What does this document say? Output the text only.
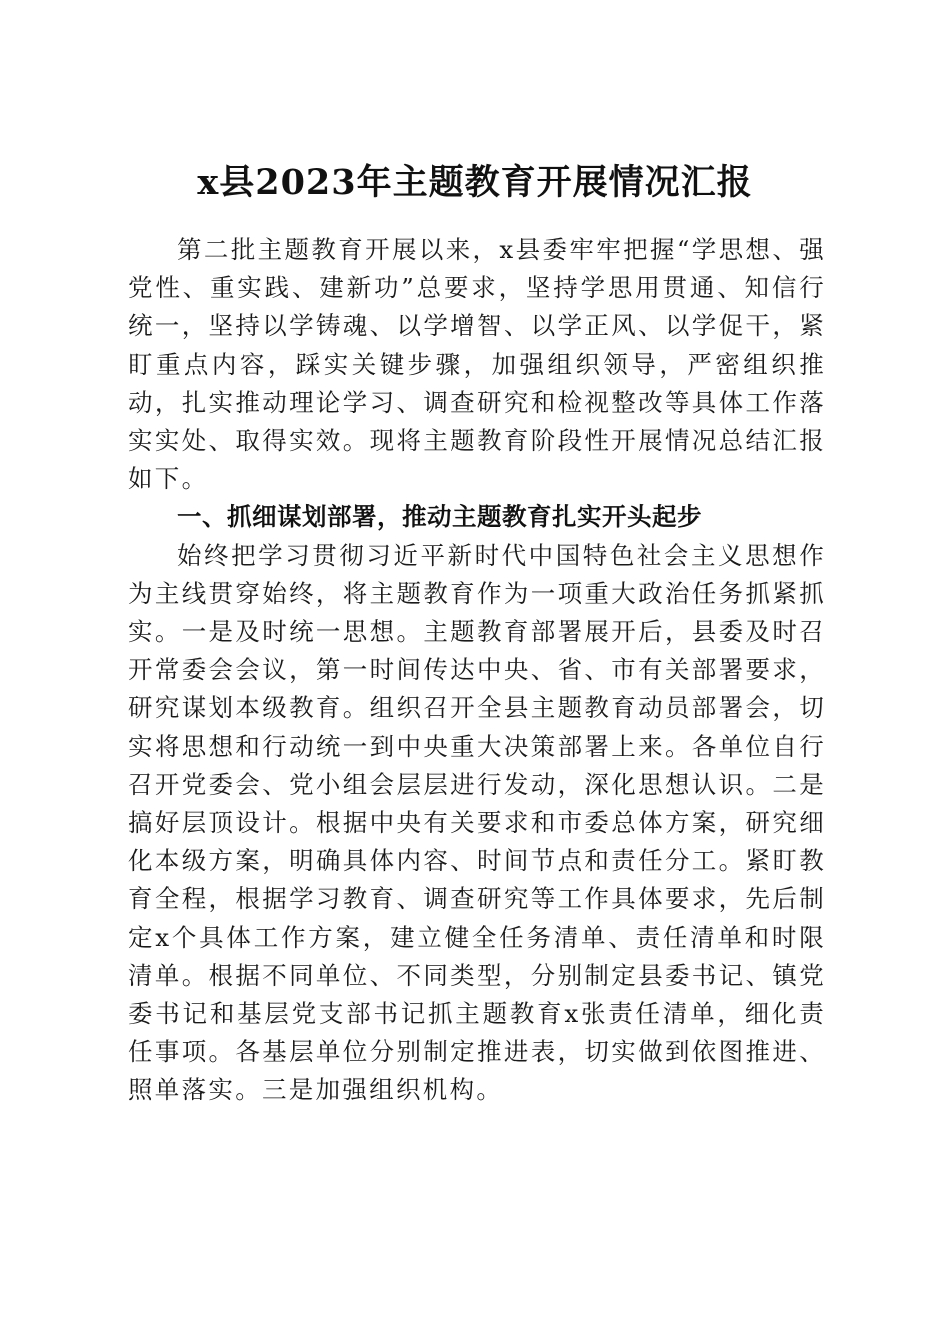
x县2023年主题教育开展情况汇报

第二批主题教育开展以来，x县委牢牢把握“学思想、强党性、重实践、建新功”总要求，坚持学思用贯通、知信行统一，坚持以学铸魂、以学增智、以学正风、以学促干，紧盯重点内容，踩实关键步骤，加强组织领导，严密组织推动，扎实推动理论学习、调查研究和检视整改等具体工作落实实处、取得实效。现将主题教育阶段性开展情况总结汇报如下。

一、抓细谋划部署，推动主题教育扎实开头起步

始终把学习贯彻习近平新时代中国特色社会主义思想作为主线贯穿始终，将主题教育作为一项重大政治任务抓紧抓实。一是及时统一思想。主题教育部署展开后，县委及时召开常委会会议，第一时间传达中央、省、市有关部署要求，研究谋划本级教育。组织召开全县主题教育动员部署会，切实将思想和行动统一到中央重大决策部署上来。各单位自行召开党委会、党小组会层层进行发动，深化思想认识。二是搞好层顶设计。根据中央有关要求和市委总体方案，研究细化本级方案，明确具体内容、时间节点和责任分工。紧盯教育全程，根据学习教育、调查研究等工作具体要求，先后制定x个具体工作方案，建立健全任务清单、责任清单和时限清单。根据不同单位、不同类型，分别制定县委书记、镇党委书记和基层党支部书记抓主题教育x张责任清单，细化责任事项。各基层单位分别制定推进表，切实做到依图推进、照单落实。三是加强组织机构。
